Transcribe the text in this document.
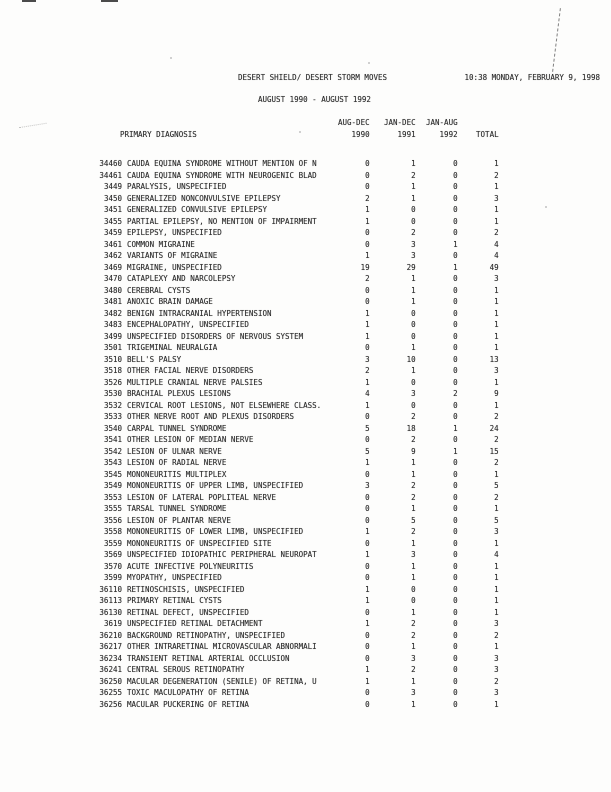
DESERT SHIELD/ DESERT STORM MOVES	10:38 MONDAY, FEBRUARY 9, 1998
AUGUST 1990 - AUGUST 1992
		AUG-DEC	JAN-DEC	JAN-AUG	
PRIMARY DIAGNOSIS		1990	1991	1992	TOTAL

34460	CAUDA EQUINA SYNDROME WITHOUT MENTION OF N	0	1	0	1
34461	CAUDA EQUINA SYNDROME WITH NEUROGENIC BLAD	0	2	0	2
3449	PARALYSIS, UNSPECIFIED	0	1	0	1
3450	GENERALIZED NONCONVULSIVE EPILEPSY	2	1	0	3
3451	GENERALIZED CONVULSIVE EPILEPSY	1	0	0	1
3455	PARTIAL EPILEPSY, NO MENTION OF IMPAIRMENT	1	0	0	1
3459	EPILEPSY, UNSPECIFIED	0	2	0	2
3461	COMMON MIGRAINE	0	3	1	4
3462	VARIANTS OF MIGRAINE	1	3	0	4
3469	MIGRAINE, UNSPECIFIED	19	29	1	49
3470	CATAPLEXY AND NARCOLEPSY	2	1	0	3
3480	CEREBRAL CYSTS	0	1	0	1
3481	ANOXIC BRAIN DAMAGE	0	1	0	1
3482	BENIGN INTRACRANIAL HYPERTENSION	1	0	0	1
3483	ENCEPHALOPATHY, UNSPECIFIED	1	0	0	1
3499	UNSPECIFIED DISORDERS OF NERVOUS SYSTEM	1	0	0	1
3501	TRIGEMINAL NEURALGIA	0	1	0	1
3510	BELL'S PALSY	3	10	0	13
3518	OTHER FACIAL NERVE DISORDERS	2	1	0	3
3526	MULTIPLE CRANIAL NERVE PALSIES	1	0	0	1
3530	BRACHIAL PLEXUS LESIONS	4	3	2	9
3532	CERVICAL ROOT LESIONS, NOT ELSEWHERE CLASS.	1	0	0	1
3533	OTHER NERVE ROOT AND PLEXUS DISORDERS	0	2	0	2
3540	CARPAL TUNNEL SYNDROME	5	18	1	24
3541	OTHER LESION OF MEDIAN NERVE	0	2	0	2
3542	LESION OF ULNAR NERVE	5	9	1	15
3543	LESION OF RADIAL NERVE	1	1	0	2
3545	MONONEURITIS MULTIPLEX	0	1	0	1
3549	MONONEURITIS OF UPPER LIMB, UNSPECIFIED	3	2	0	5
3553	LESION OF LATERAL POPLITEAL NERVE	0	2	0	2
3555	TARSAL TUNNEL SYNDROME	0	1	0	1
3556	LESION OF PLANTAR NERVE	0	5	0	5
3558	MONONEURITIS OF LOWER LIMB, UNSPECIFIED	1	2	0	3
3559	MONONEURITIS OF UNSPECIFIED SITE	0	1	0	1
3569	UNSPECIFIED IDIOPATHIC PERIPHERAL NEUROPAT	1	3	0	4
3570	ACUTE INFECTIVE POLYNEURITIS	0	1	0	1
3599	MYOPATHY, UNSPECIFIED	0	1	0	1
36110	RETINOSCHISIS, UNSPECIFIED	1	0	0	1
36113	PRIMARY RETINAL CYSTS	1	0	0	1
36130	RETINAL DEFECT, UNSPECIFIED	0	1	0	1
3619	UNSPECIFIED RETINAL DETACHMENT	1	2	0	3
36210	BACKGROUND RETINOPATHY, UNSPECIFIED	0	2	0	2
36217	OTHER INTRARETINAL MICROVASCULAR ABNORMALI	0	1	0	1
36234	TRANSIENT RETINAL ARTERIAL OCCLUSION	0	3	0	3
36241	CENTRAL SEROUS RETINOPATHY	1	2	0	3
36250	MACULAR DEGENERATION (SENILE) OF RETINA, U	1	1	0	2
36255	TOXIC MACULOPATHY OF RETINA	0	3	0	3
36256	MACULAR PUCKERING OF RETINA	0	1	0	1
